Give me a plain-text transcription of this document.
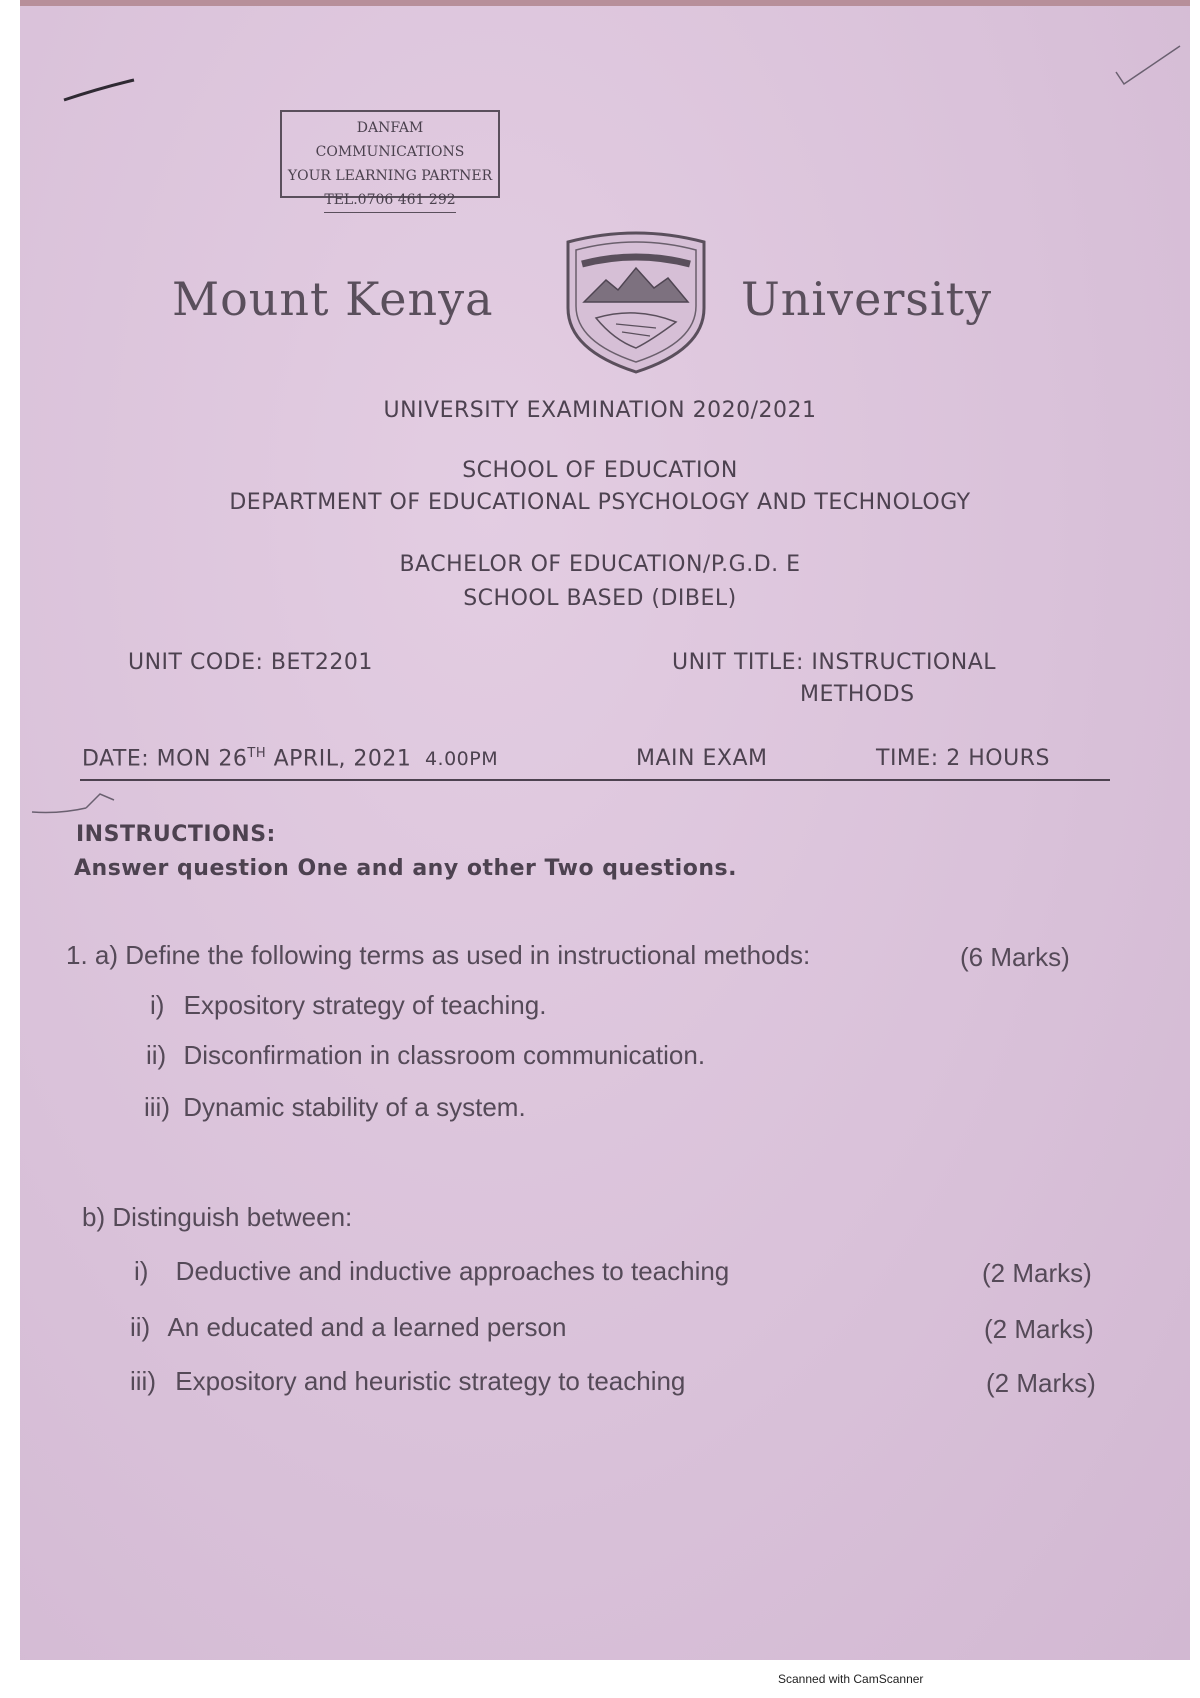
DANFAM COMMUNICATIONS
YOUR LEARNING PARTNER
TEL.0706 461 292
Mount Kenya	University
UNIVERSITY EXAMINATION 2020/2021
SCHOOL OF EDUCATION
DEPARTMENT OF EDUCATIONAL PSYCHOLOGY AND TECHNOLOGY
BACHELOR OF EDUCATION/P.G.D. E
SCHOOL BASED (DIBEL)
UNIT CODE: BET2201	UNIT TITLE: INSTRUCTIONAL
METHODS
DATE: MON 26TH APRIL, 2021 4.00PM	MAIN EXAM	TIME: 2 HOURS
INSTRUCTIONS:
Answer question One and any other Two questions.
1. a) Define the following terms as used in instructional methods:	(6 Marks)
i) Expository strategy of teaching.
ii) Disconfirmation in classroom communication.
iii) Dynamic stability of a system.
b) Distinguish between:
i) Deductive and inductive approaches to teaching	(2 Marks)
ii) An educated and a learned person	(2 Marks)
iii) Expository and heuristic strategy to teaching	(2 Marks)
Scanned with CamScanner
